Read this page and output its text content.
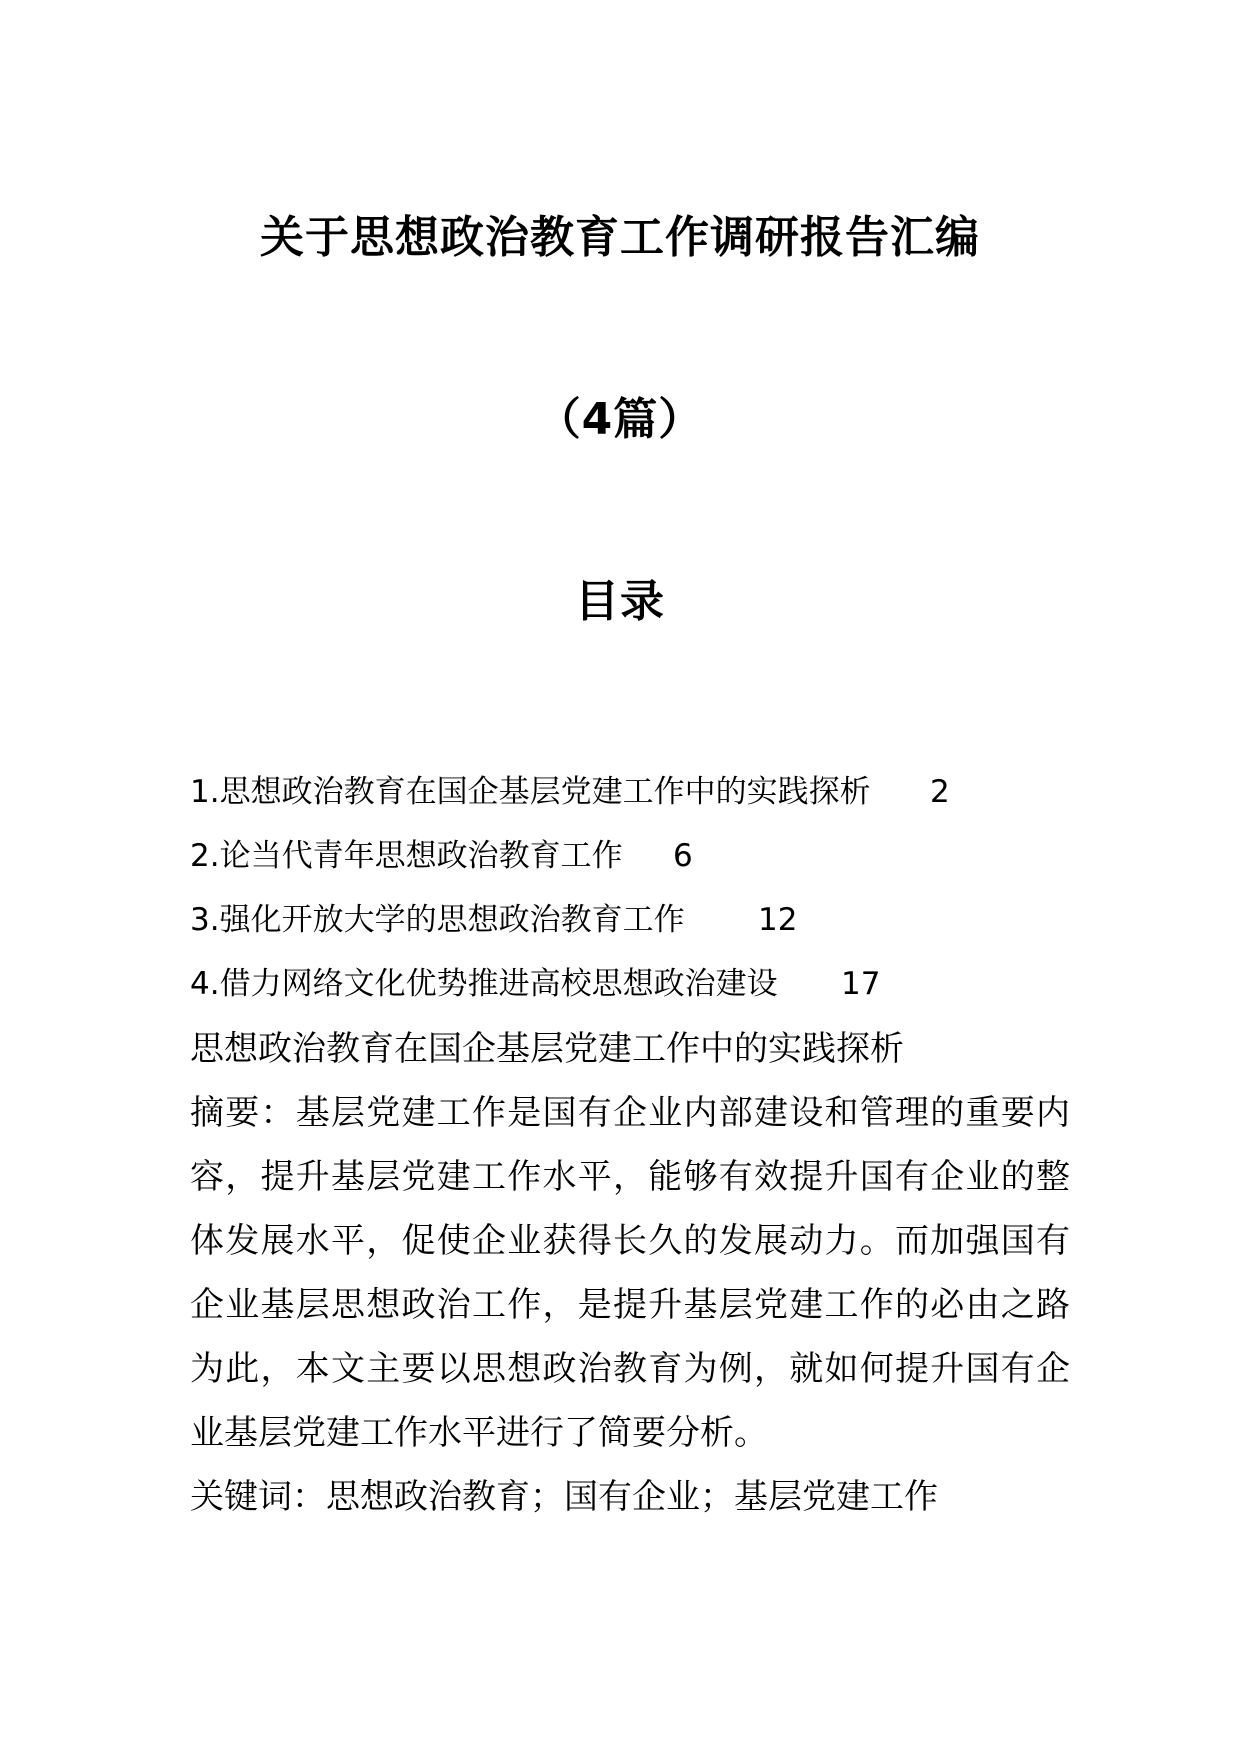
关于思想政治教育工作调研报告汇编
（4篇）
目录
1.思想政治教育在国企基层党建工作中的实践探析 2
2.论当代青年思想政治教育工作 6
3.强化开放大学的思想政治教育工作 12
4.借力网络文化优势推进高校思想政治建设 17

思想政治教育在国企基层党建工作中的实践探析

摘要：基层党建工作是国有企业内部建设和管理的重要内容，提升基层党建工作水平，能够有效提升国有企业的整体发展水平，促使企业获得长久的发展动力。而加强国有企业基层思想政治工作，是提升基层党建工作的必由之路为此，本文主要以思想政治教育为例，就如何提升国有企业基层党建工作水平进行了简要分析。

关键词：思想政治教育；国有企业；基层党建工作
